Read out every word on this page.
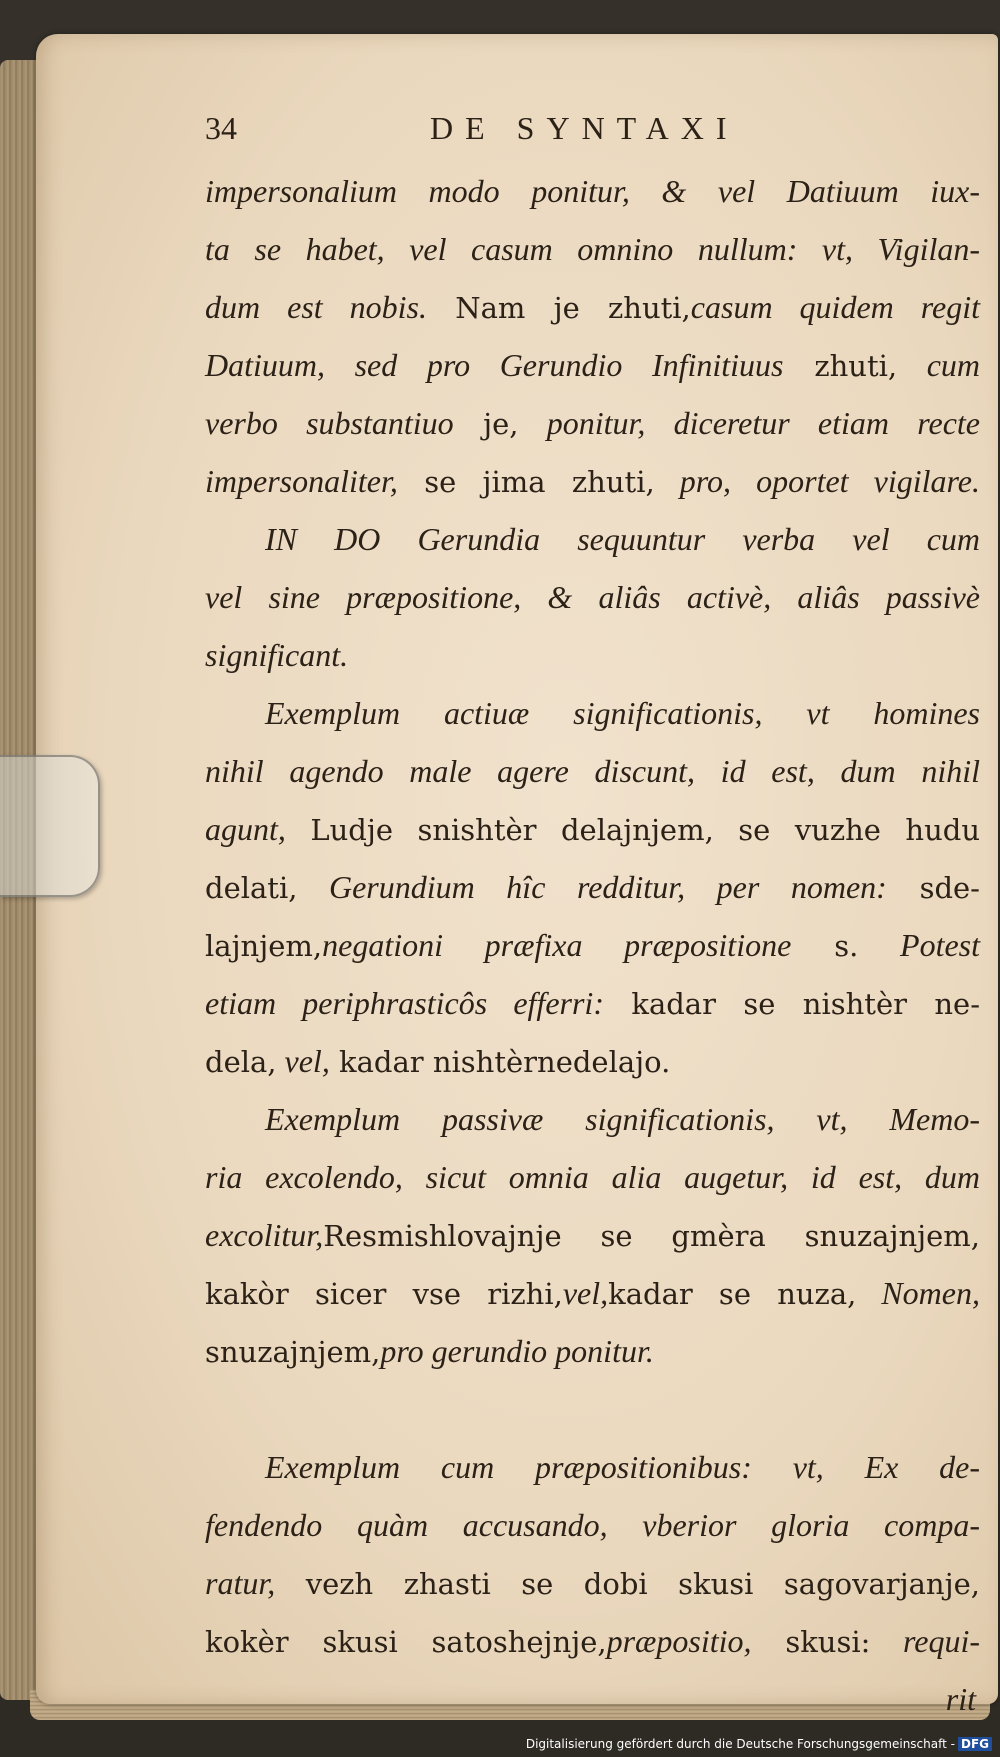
34	DE SYNTAXI
impersonalium modo ponitur, & vel Datiuum iux-
ta se habet, vel casum omnino nullum: vt, Vigilan-
dum est nobis. Nam je zhuti,casum quidem regit
Datiuum, sed pro Gerundio Infinitiuus zhuti, cum
verbo substantiuo je, ponitur, diceretur etiam recte
impersonaliter, se jima zhuti, pro, oportet vigilare.
IN DO Gerundia sequuntur verba vel cum
vel sine præpositione, & aliâs activè, aliâs passivè
significant.
Exemplum actiuæ significationis, vt homines
nihil agendo male agere discunt, id est, dum nihil
agunt, Ludje snishtèr delajnjem, se vuzhe hudu
delati, Gerundium hîc redditur, per nomen: sde-
lajnjem,negationi præfixa præpositione s. Potest
etiam periphrasticôs efferri: kadar se nishtèr ne-
dela, vel, kadar nishtèrnedelajo.
Exemplum passivæ significationis, vt, Memo-
ria excolendo, sicut omnia alia augetur, id est, dum
excolitur,Resmishlovajnje se gmèra snuzajnjem,
kakòr sicer vse rizhi,vel,kadar se nuza, Nomen,
snuzajnjem,pro gerundio ponitur.
Exemplum cum præpositionibus: vt, Ex de-
fendendo quàm accusando, vberior gloria compa-
ratur, vezh zhasti se dobi skusi sagovarjanje,
kokèr skusi satoshejnje,præpositio, skusi: requi-
rit
Digitalisierung gefördert durch die Deutsche Forschungsgemeinschaft - DFG
